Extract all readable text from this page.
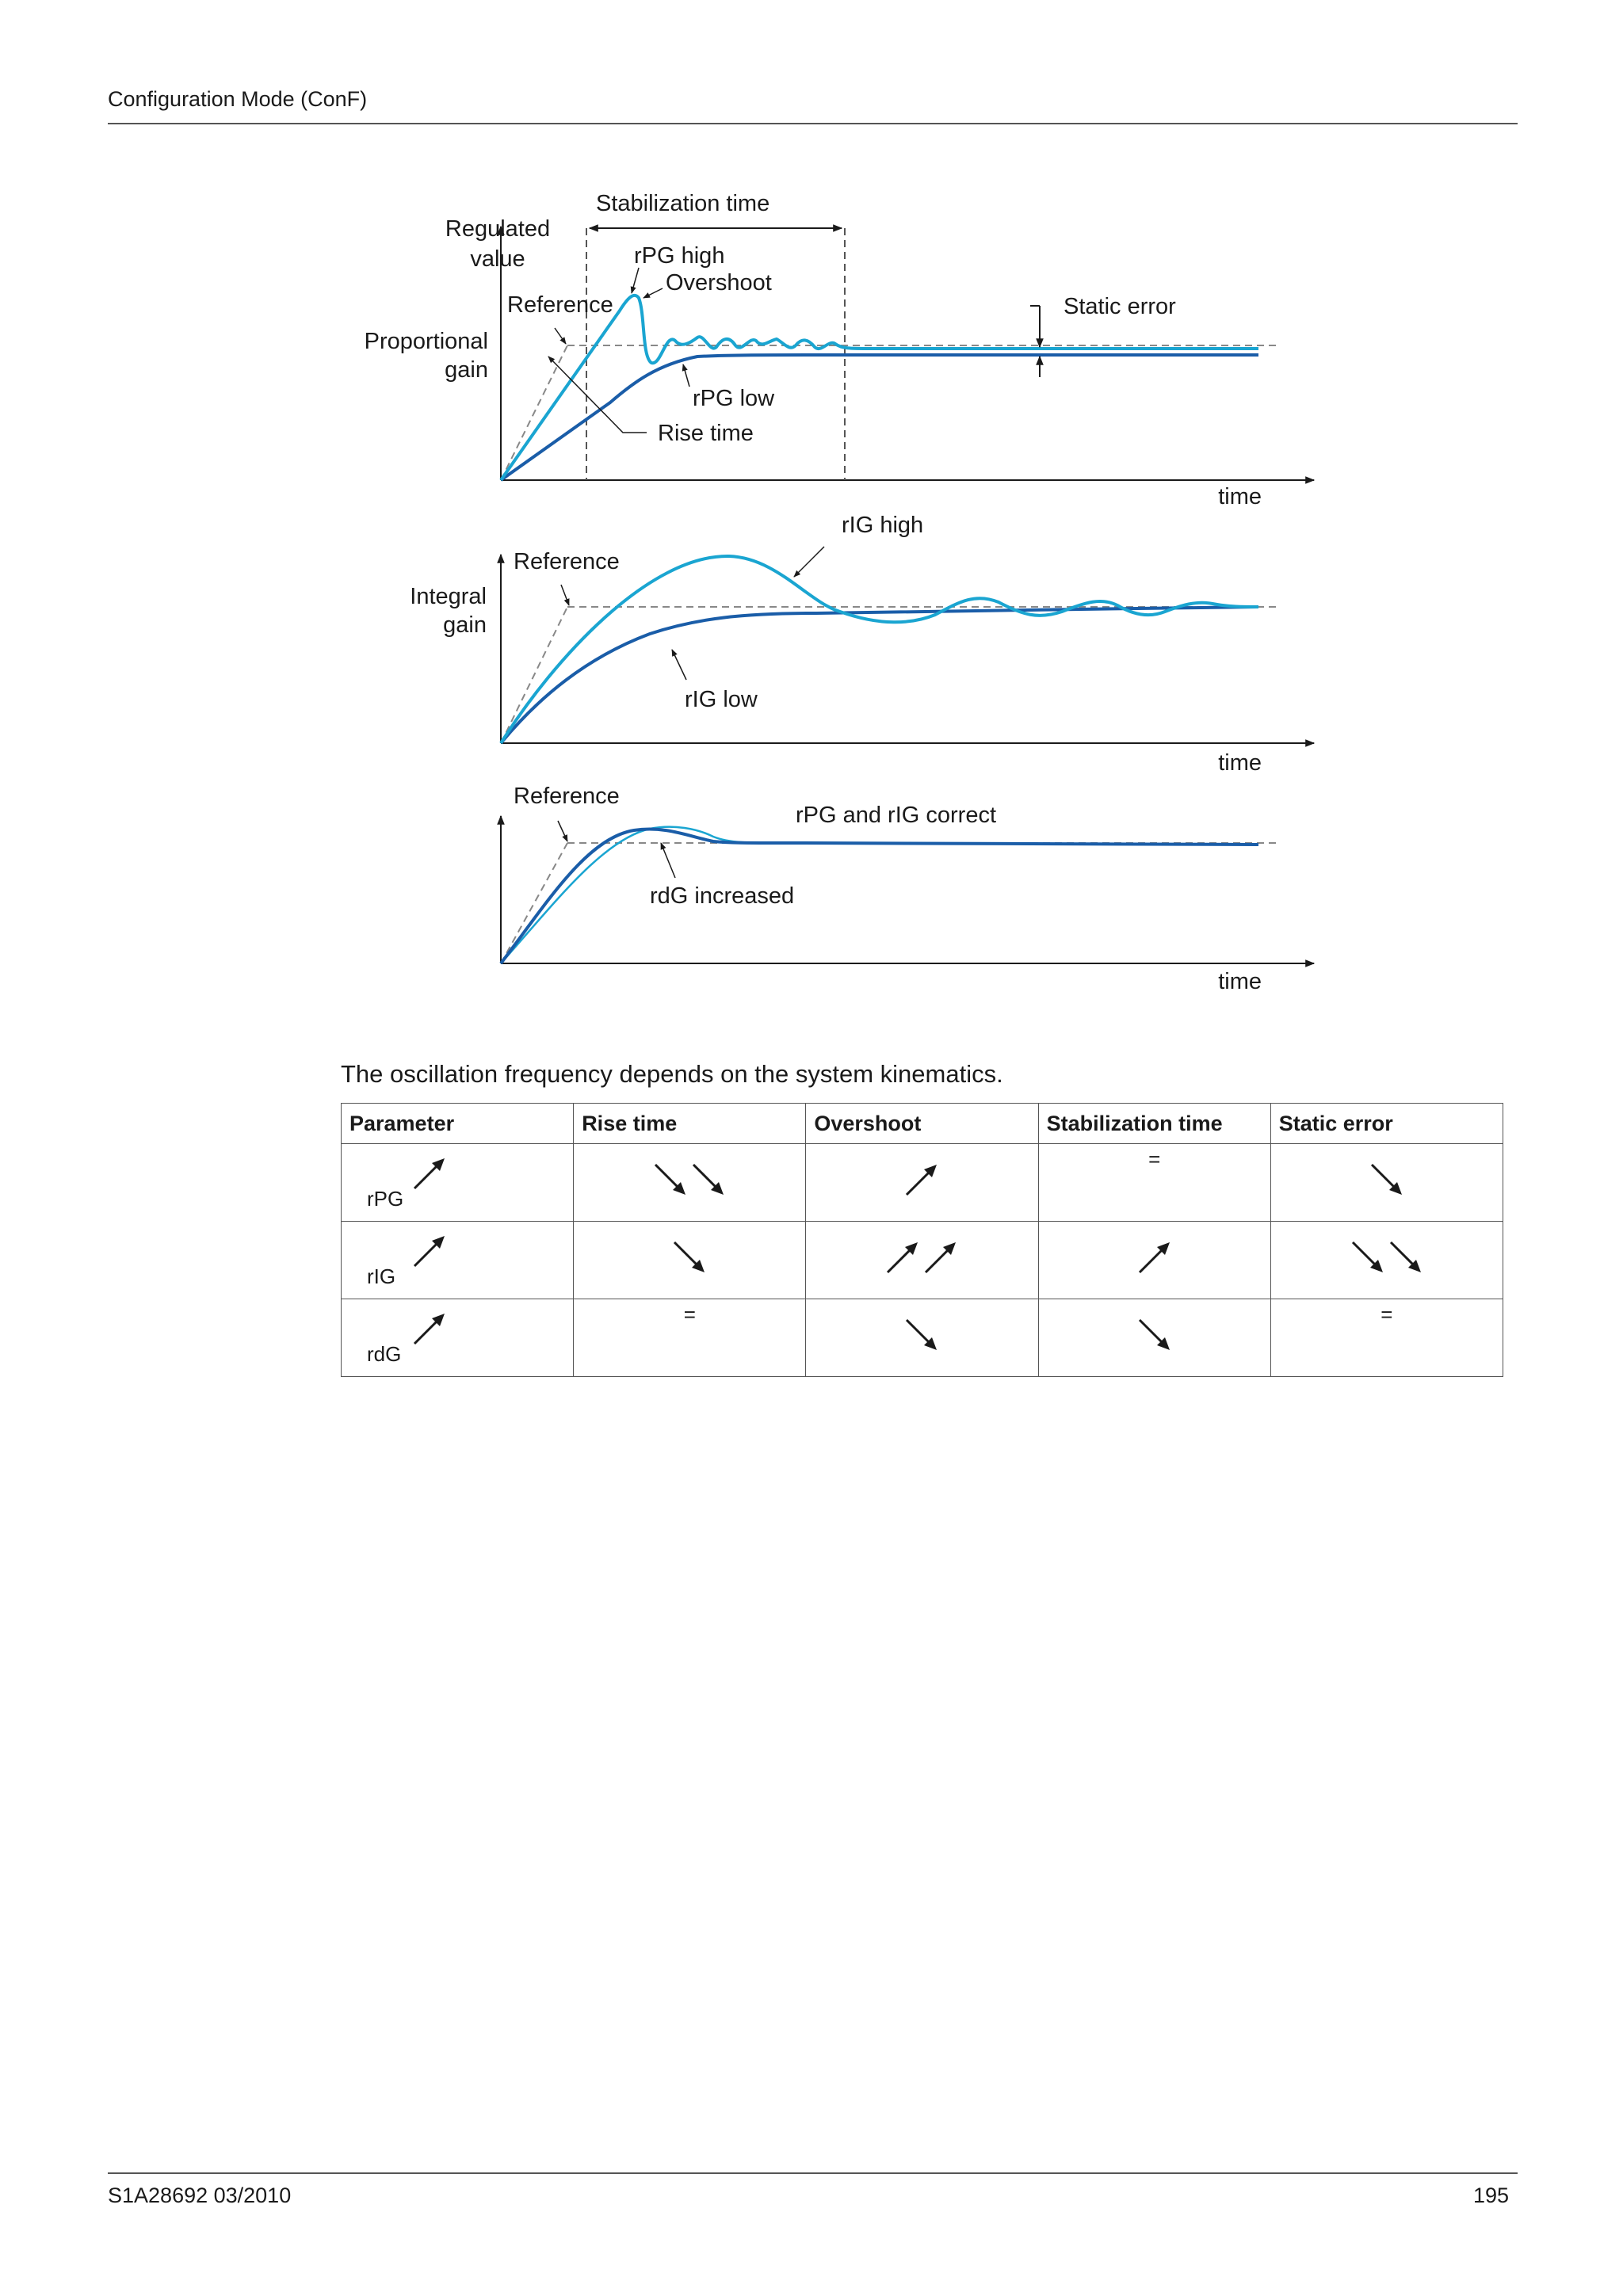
Configuration Mode (ConF)
Stabilization time
Regulated
value	rPG high
Overshoot
Reference
Proportional
gain
Static error
rPG low
Rise time
time
rIG high
Reference
Integral
gain
rIG low
time
Reference
rPG and rIG correct
rdG increased
time
The oscillation frequency depends on the system kinematics.
Parameter	Rise time	Overshoot	Stabilization time	Static error

rPG			=

rIG

rdG	=			=
S1A28692 03/2010	195
